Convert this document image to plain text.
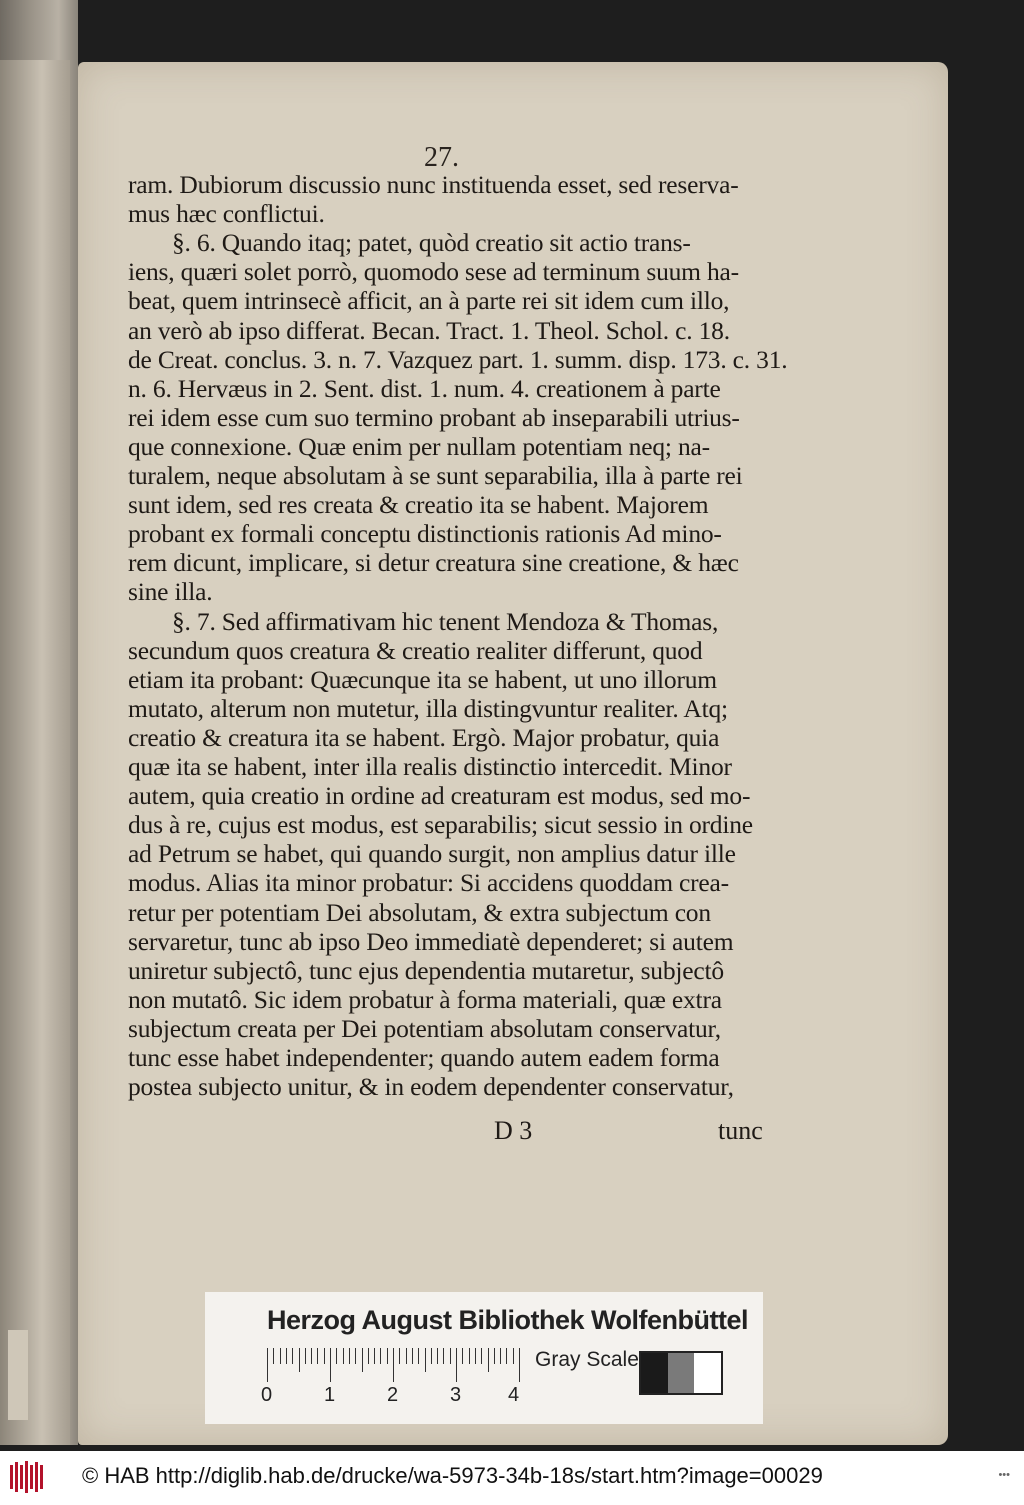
27.
ram. Dubiorum discussio nunc instituenda esset, sed reserva-
mus hæc conflictui.
§. 6. Quando itaq; patet, quòd creatio sit actio trans-
iens, quæri solet porrò, quomodo sese ad terminum suum ha-
beat, quem intrinsecè afficit, an à parte rei sit idem cum illo,
an verò ab ipso differat. Becan. Tract. 1. Theol. Schol. c. 18.
de Creat. conclus. 3. n. 7. Vazquez part. 1. summ. disp. 173. c. 31.
n. 6. Hervæus in 2. Sent. dist. 1. num. 4. creationem à parte
rei idem esse cum suo termino probant ab inseparabili utrius-
que connexione. Quæ enim per nullam potentiam neq; na-
turalem, neque absolutam à se sunt separabilia, illa à parte rei
sunt idem, sed res creata & creatio ita se habent. Majorem
probant ex formali conceptu distinctionis rationis Ad mino-
rem dicunt, implicare, si detur creatura sine creatione, & hæc
sine illa.
§. 7. Sed affirmativam hic tenent Mendoza & Thomas,
secundum quos creatura & creatio realiter differunt, quod
etiam ita probant: Quæcunque ita se habent, ut uno illorum
mutato, alterum non mutetur, illa distingvuntur realiter. Atq;
creatio & creatura ita se habent. Ergò. Major probatur, quia
quæ ita se habent, inter illa realis distinctio intercedit. Minor
autem, quia creatio in ordine ad creaturam est modus, sed mo-
dus à re, cujus est modus, est separabilis; sicut sessio in ordine
ad Petrum se habet, qui quando surgit, non amplius datur ille
modus. Alias ita minor probatur: Si accidens quoddam crea-
retur per potentiam Dei absolutam, & extra subjectum con
servaretur, tunc ab ipso Deo immediatè dependeret; si autem
uniretur subjectô, tunc ejus dependentia mutaretur, subjectô
non mutatô. Sic idem probatur à forma materiali, quæ extra
subjectum creata per Dei potentiam absolutam conservatur,
tunc esse habet independenter; quando autem eadem forma
postea subjecto unitur, & in eodem dependenter conservatur,
D 3	tunc
Herzog August Bibliothek Wolfenbüttel
0	1	2	3 4
Gray Scale
© HAB http://diglib.hab.de/drucke/wa-5973-34b-18s/start.htm?image=00029	•••
